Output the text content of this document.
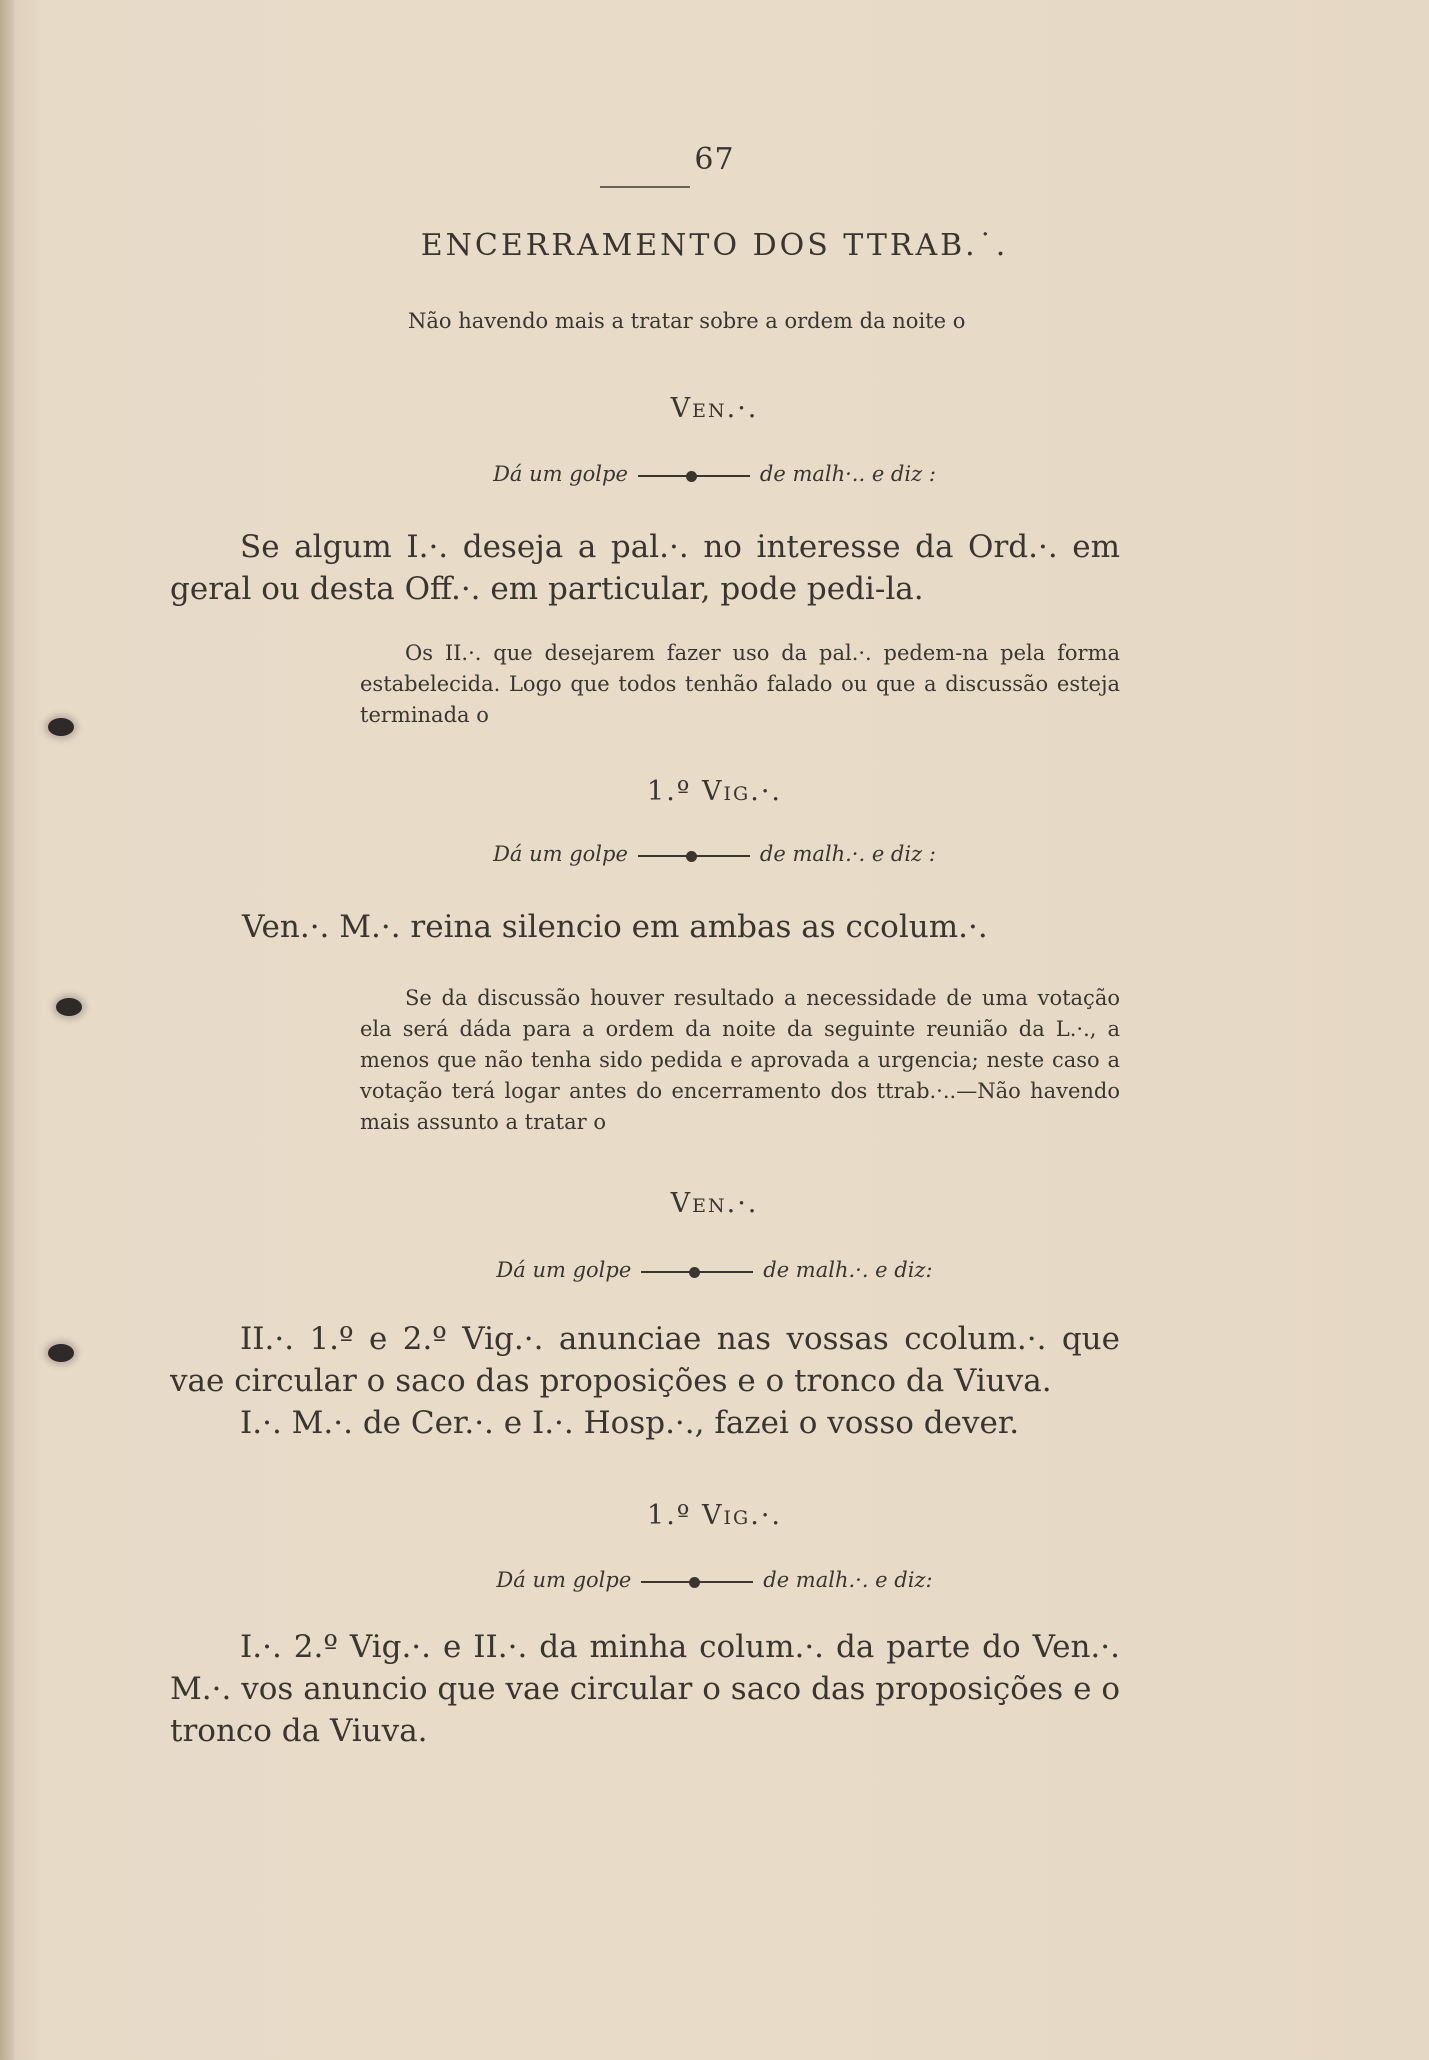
67
ENCERRAMENTO DOS TTRAB.˙.
Não havendo mais a tratar sobre a ordem da noite o
Ven.·.
Dá um golpe	de malh·.. e diz :
Se algum I.·. deseja a pal.·. no interesse da Ord.·. em geral ou desta Off.·. em particular, pode pedi-la.
Os II.·. que desejarem fazer uso da pal.·. pedem-na pela forma estabelecida. Logo que todos tenhão falado ou que a discussão esteja terminada o
1.º Vig.·.
Dá um golpe	de malh.·. e diz :
Ven.·. M.·. reina silencio em ambas as ccolum.·.
Se da discussão houver resultado a necessidade de uma votação ela será dáda para a ordem da noite da seguinte reunião da L.·., a menos que não tenha sido pedida e aprovada a urgencia; neste caso a votação terá logar antes do encerramento dos ttrab.·..—Não havendo mais assunto a tratar o
Ven.·.
Dá um golpe	de malh.·. e diz:
II.·. 1.º e 2.º Vig.·. anunciae nas vossas ccolum.·. que vae circular o saco das proposições e o tronco da Viuva.
I.·. M.·. de Cer.·. e I.·. Hosp.·., fazei o vosso dever.
1.º Vig.·.
Dá um golpe	de malh.·. e diz:
I.·. 2.º Vig.·. e II.·. da minha colum.·. da parte do Ven.·. M.·. vos anuncio que vae circular o saco das proposições e o tronco da Viuva.
